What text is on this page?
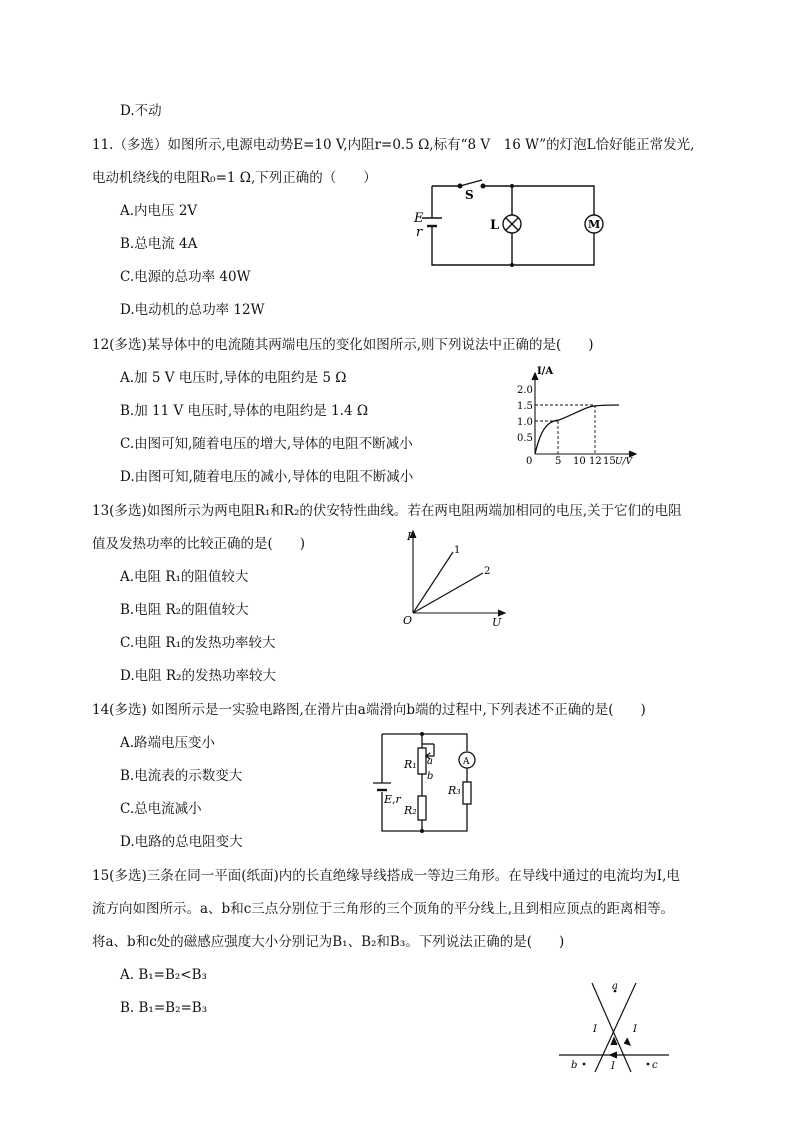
D.不动
11.（多选）如图所示,电源电动势E=10 V,内阻r=0.5 Ω,标有“8 V　16 W”的灯泡L恰好能正常发光,
电动机绕线的电阻R₀=1 Ω,下列正确的（　　）
A.内电压 2V
B.总电流 4A
C.电源的总功率 40W
D.电动机的总功率 12W
S
E
r	L	M
12(多选)某导体中的电流随其两端电压的变化如图所示,则下列说法中正确的是(　　)
A.加 5 V 电压时,导体的电阻约是 5 Ω
B.加 11 V 电压时,导体的电阻约是 1.4 Ω
C.由图可知,随着电压的增大,导体的电阻不断减小
D.由图可知,随着电压的减小,导体的电阻不断减小
I/A
U/V
0
2.0
1.5
1.0
0.5
5 10 12 15
13(多选)如图所示为两电阻R₁和R₂的伏安特性曲线。若在两电阻两端加相同的电压,关于它们的电阻
值及发热功率的比较正确的是(　　)
A.电阻 R₁的阻值较大
B.电阻 R₂的阻值较大
C.电阻 R₁的发热功率较大
D.电阻 R₂的发热功率较大
I
U
O
1
2
14(多选) 如图所示是一实验电路图,在滑片由a端滑向b端的过程中,下列表述不正确的是(　　)
A.路端电压变小
B.电流表的示数变大
C.总电流减小
D.电路的总电阻变大
a
b
R₁
R₂
R₃
E,r
A
15(多选)三条在同一平面(纸面)内的长直绝缘导线搭成一等边三角形。在导线中通过的电流均为I,电
流方向如图所示。a、b和c三点分别位于三角形的三个顶角的平分线上,且到相应顶点的距离相等。
将a、b和c处的磁感应强度大小分别记为B₁、B₂和B₃。下列说法正确的是(　　)
A. B₁=B₂<B₃
B. B₁=B₂=B₃
a
b	c
I	I
I
